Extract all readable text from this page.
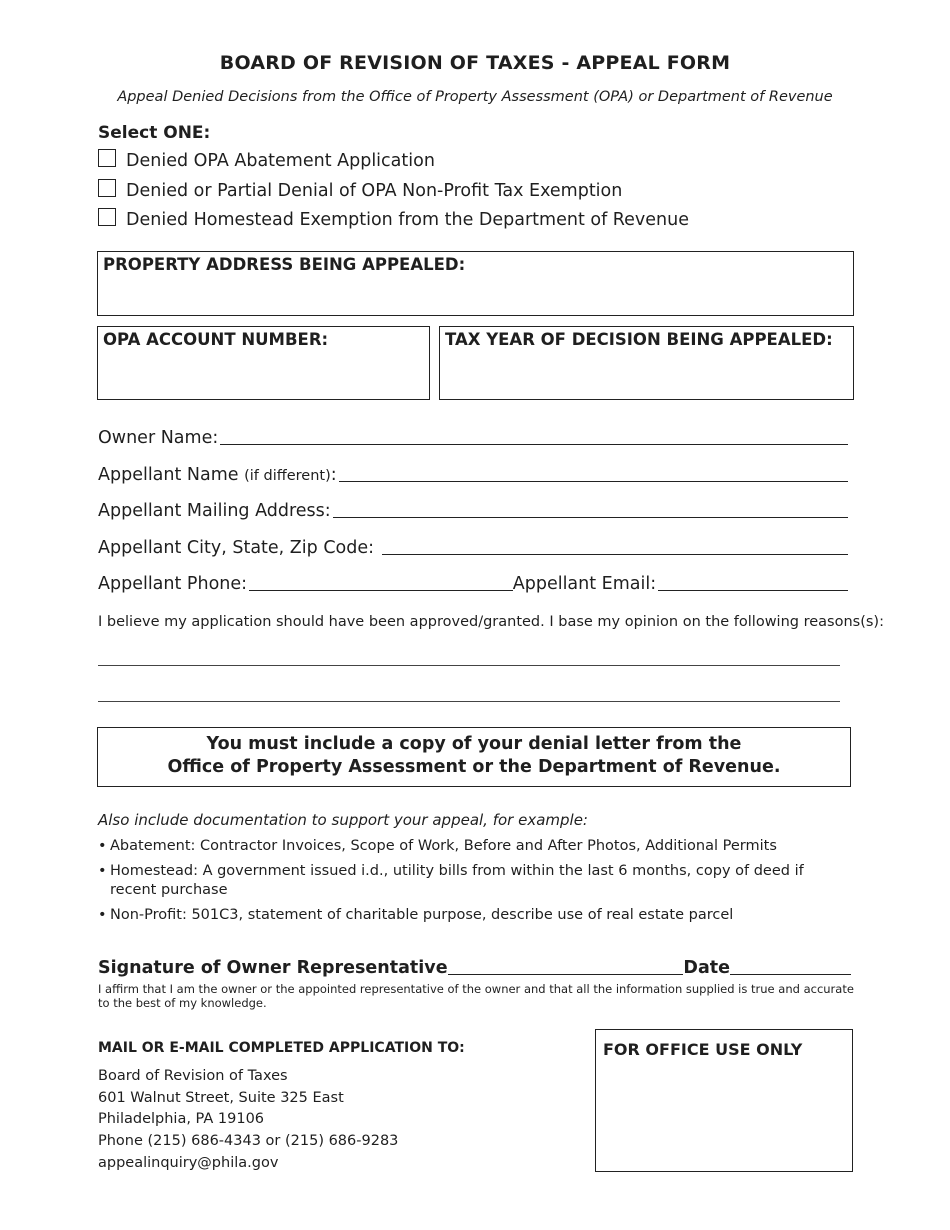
BOARD OF REVISION OF TAXES - APPEAL FORM
Appeal Denied Decisions from the Office of Property Assessment (OPA) or Department of Revenue
Select ONE:
Denied OPA Abatement Application
Denied or Partial Denial of OPA Non-Profit Tax Exemption
Denied Homestead Exemption from the Department of Revenue
PROPERTY ADDRESS BEING APPEALED:
OPA ACCOUNT NUMBER:	TAX YEAR OF DECISION BEING APPEALED:
Owner Name:
Appellant Name (if different):
Appellant Mailing Address:
Appellant City, State, Zip Code:
Appellant Phone:	Appellant Email:
I believe my application should have been approved/granted. I base my opinion on the following reasons(s):
You must include a copy of your denial letter from the
Office of Property Assessment or the Department of Revenue.
Also include documentation to support your appeal, for example:
• Abatement: Contractor Invoices, Scope of Work, Before and After Photos, Additional Permits
• Homestead: A government issued i.d., utility bills from within the last 6 months, copy of deed if recent purchase
• Non-Profit: 501C3, statement of charitable purpose, describe use of real estate parcel
Signature of Owner Representative	Date
I affirm that I am the owner or the appointed representative of the owner and that all the information supplied is true and accurate to the best of my knowledge.
MAIL OR E-MAIL COMPLETED APPLICATION TO:
Board of Revision of Taxes
601 Walnut Street, Suite 325 East
Philadelphia, PA 19106
Phone (215) 686-4343 or (215) 686-9283
appealinquiry@phila.gov
FOR OFFICE USE ONLY
